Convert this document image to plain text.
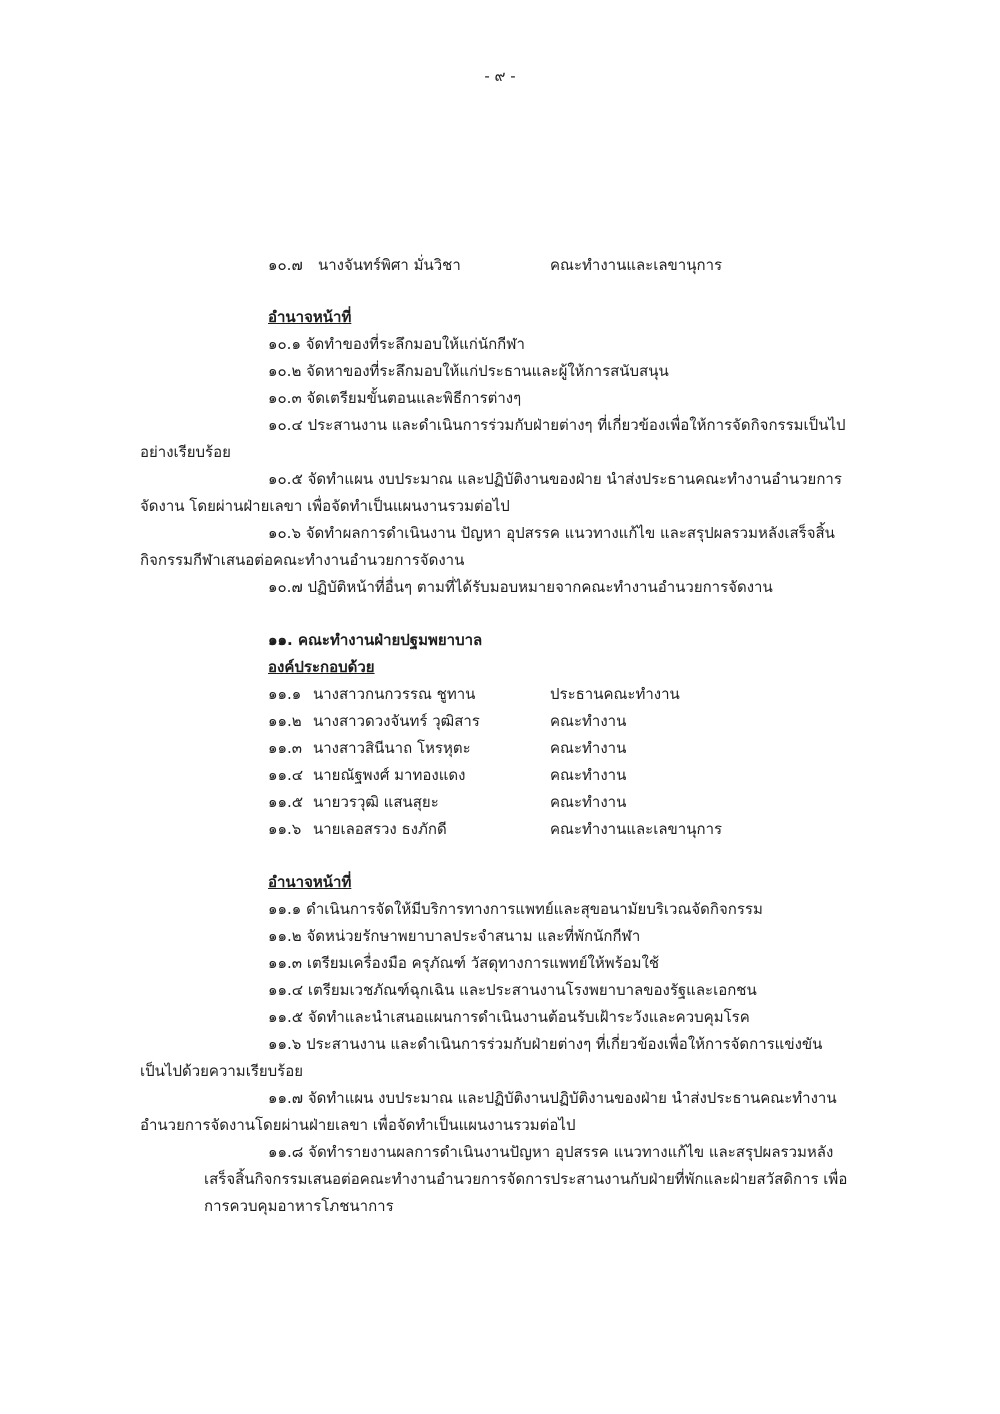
- ๙ -
๑๐.๗ นางจันทร์พิศา มั่นวิชา	คณะทำงานและเลขานุการ
อำนาจหน้าที่
๑๐.๑ จัดทำของที่ระลึกมอบให้แก่นักกีฬา
๑๐.๒ จัดหาของที่ระลึกมอบให้แก่ประธานและผู้ให้การสนับสนุน
๑๐.๓ จัดเตรียมขั้นตอนและพิธีการต่างๆ
๑๐.๔ ประสานงาน และดำเนินการร่วมกับฝ่ายต่างๆ ที่เกี่ยวข้องเพื่อให้การจัดกิจกรรมเป็นไป
อย่างเรียบร้อย
๑๐.๕ จัดทำแผน งบประมาณ และปฏิบัติงานของฝ่าย นำส่งประธานคณะทำงานอำนวยการ
จัดงาน โดยผ่านฝ่ายเลขา เพื่อจัดทำเป็นแผนงานรวมต่อไป
๑๐.๖ จัดทำผลการดำเนินงาน ปัญหา อุปสรรค แนวทางแก้ไข และสรุปผลรวมหลังเสร็จสิ้น
กิจกรรมกีฬาเสนอต่อคณะทำงานอำนวยการจัดงาน
๑๐.๗ ปฏิบัติหน้าที่อื่นๆ ตามที่ได้รับมอบหมายจากคณะทำงานอำนวยการจัดงาน
๑๑. คณะทำงานฝ่ายปฐมพยาบาล
องค์ประกอบด้วย
๑๑.๑ นางสาวกนกวรรณ ชูทาน	ประธานคณะทำงาน
๑๑.๒ นางสาวดวงจันทร์ วุฒิสาร	คณะทำงาน
๑๑.๓ นางสาวสินีนาถ โหรหุตะ	คณะทำงาน
๑๑.๔ นายณัฐพงศ์ มาทองแดง	คณะทำงาน
๑๑.๕ นายวรวุฒิ แสนสุยะ	คณะทำงาน
๑๑.๖ นายเลอสรวง ธงภักดี	คณะทำงานและเลขานุการ
อำนาจหน้าที่
๑๑.๑ ดำเนินการจัดให้มีบริการทางการแพทย์และสุขอนามัยบริเวณจัดกิจกรรม
๑๑.๒ จัดหน่วยรักษาพยาบาลประจำสนาม และที่พักนักกีฬา
๑๑.๓ เตรียมเครื่องมือ ครุภัณฑ์ วัสดุทางการแพทย์ให้พร้อมใช้
๑๑.๔ เตรียมเวชภัณฑ์ฉุกเฉิน และประสานงานโรงพยาบาลของรัฐและเอกชน
๑๑.๕ จัดทำและนำเสนอแผนการดำเนินงานต้อนรับเฝ้าระวังและควบคุมโรค
๑๑.๖ ประสานงาน และดำเนินการร่วมกับฝ่ายต่างๆ ที่เกี่ยวข้องเพื่อให้การจัดการแข่งขัน
เป็นไปด้วยความเรียบร้อย
๑๑.๗ จัดทำแผน งบประมาณ และปฏิบัติงานปฏิบัติงานของฝ่าย นำส่งประธานคณะทำงาน
อำนวยการจัดงานโดยผ่านฝ่ายเลขา เพื่อจัดทำเป็นแผนงานรวมต่อไป
๑๑.๘ จัดทำรายงานผลการดำเนินงานปัญหา อุปสรรค แนวทางแก้ไข และสรุปผลรวมหลัง
เสร็จสิ้นกิจกรรมเสนอต่อคณะทำงานอำนวยการจัดการประสานงานกับฝ่ายที่พักและฝ่ายสวัสดิการ เพื่อ
การควบคุมอาหารโภชนาการ
